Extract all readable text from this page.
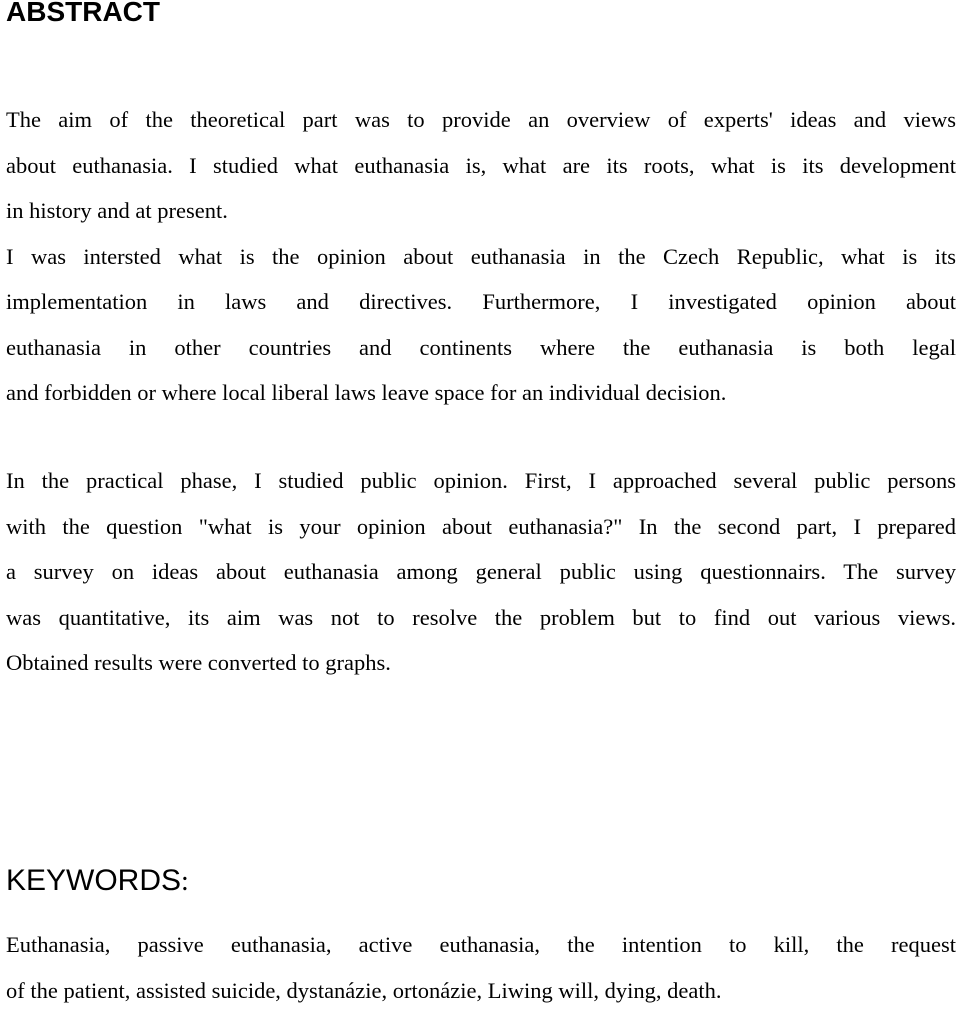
ABSTRACT
The aim of the theoretical part was to provide an overview of experts' ideas and views
about euthanasia. I studied what euthanasia is, what are its roots, what is its development
in history and at present.
I was intersted what is the opinion about euthanasia in the Czech Republic, what is its
implementation in laws and directives. Furthermore, I investigated opinion about
euthanasia in other countries and continents where the euthanasia is both legal
and forbidden or where local liberal laws leave space for an individual decision.
In the practical phase, I studied public opinion. First, I approached several public persons
with the question "what is your opinion about euthanasia?" In the second part, I prepared
a survey on ideas about euthanasia among general public using questionnairs. The survey
was quantitative, its aim was not to resolve the problem but to find out various views.
Obtained results were converted to graphs.
KEYWORDS:
Euthanasia, passive euthanasia, active euthanasia, the intention to kill, the request
of the patient, assisted suicide, dystanázie, ortonázie, Liwing will, dying, death.
